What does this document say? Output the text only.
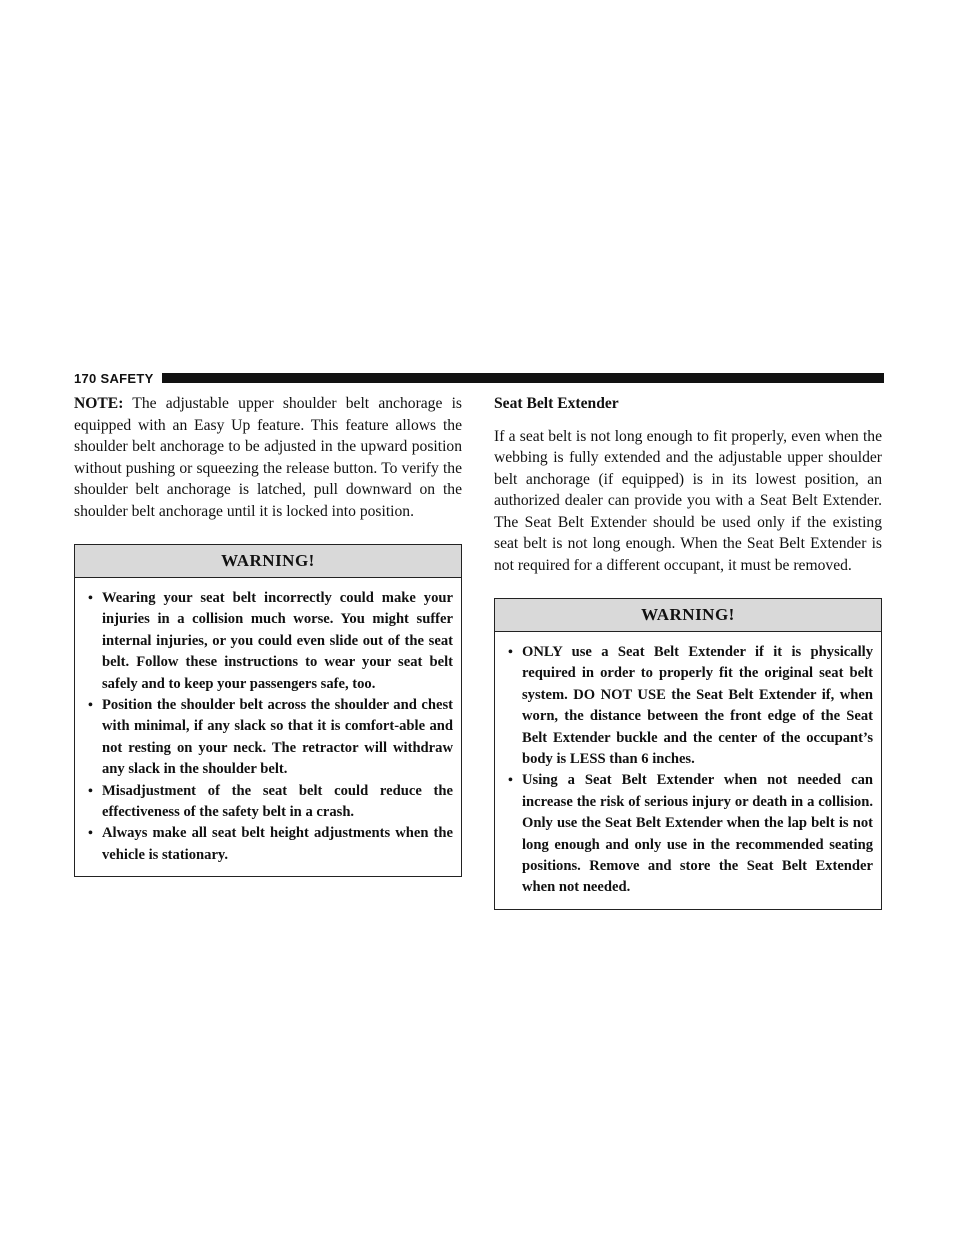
170 SAFETY

NOTE: The adjustable upper shoulder belt anchorage is equipped with an Easy Up feature. This feature allows the shoulder belt anchorage to be adjusted in the upward position without pushing or squeezing the release button. To verify the shoulder belt anchorage is latched, pull downward on the shoulder belt anchorage until it is locked into position.

WARNING!
• Wearing your seat belt incorrectly could make your injuries in a collision much worse. You might suffer internal injuries, or you could even slide out of the seat belt. Follow these instructions to wear your seat belt safely and to keep your passengers safe, too.
• Position the shoulder belt across the shoulder and chest with minimal, if any slack so that it is comfort-able and not resting on your neck. The retractor will withdraw any slack in the shoulder belt.
• Misadjustment of the seat belt could reduce the effectiveness of the safety belt in a crash.
• Always make all seat belt height adjustments when the vehicle is stationary.
Seat Belt Extender

If a seat belt is not long enough to fit properly, even when the webbing is fully extended and the adjustable upper shoulder belt anchorage (if equipped) is in its lowest position, an authorized dealer can provide you with a Seat Belt Extender. The Seat Belt Extender should be used only if the existing seat belt is not long enough. When the Seat Belt Extender is not required for a different occupant, it must be removed.

WARNING!
• ONLY use a Seat Belt Extender if it is physically required in order to properly fit the original seat belt system. DO NOT USE the Seat Belt Extender if, when worn, the distance between the front edge of the Seat Belt Extender buckle and the center of the occupant’s body is LESS than 6 inches.
• Using a Seat Belt Extender when not needed can increase the risk of serious injury or death in a collision. Only use the Seat Belt Extender when the lap belt is not long enough and only use in the recommended seating positions. Remove and store the Seat Belt Extender when not needed.
